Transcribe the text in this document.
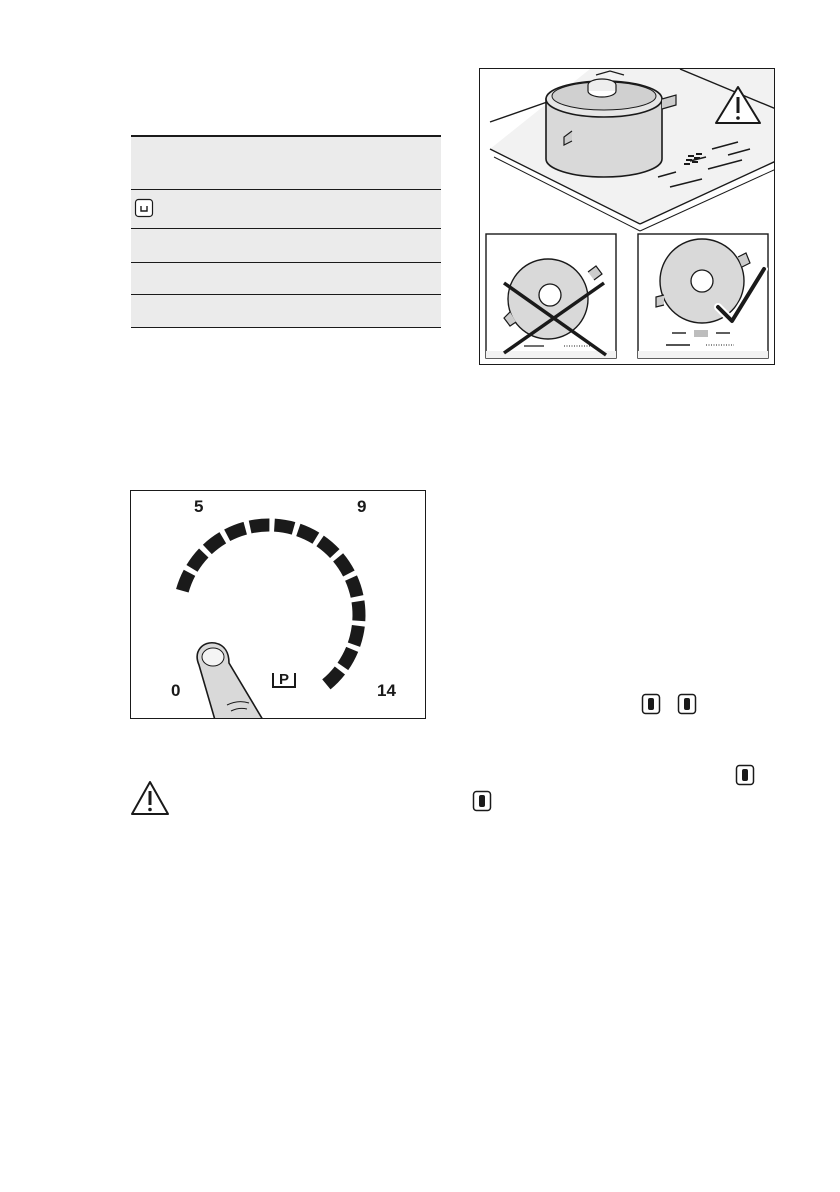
P
5	9
0	14
